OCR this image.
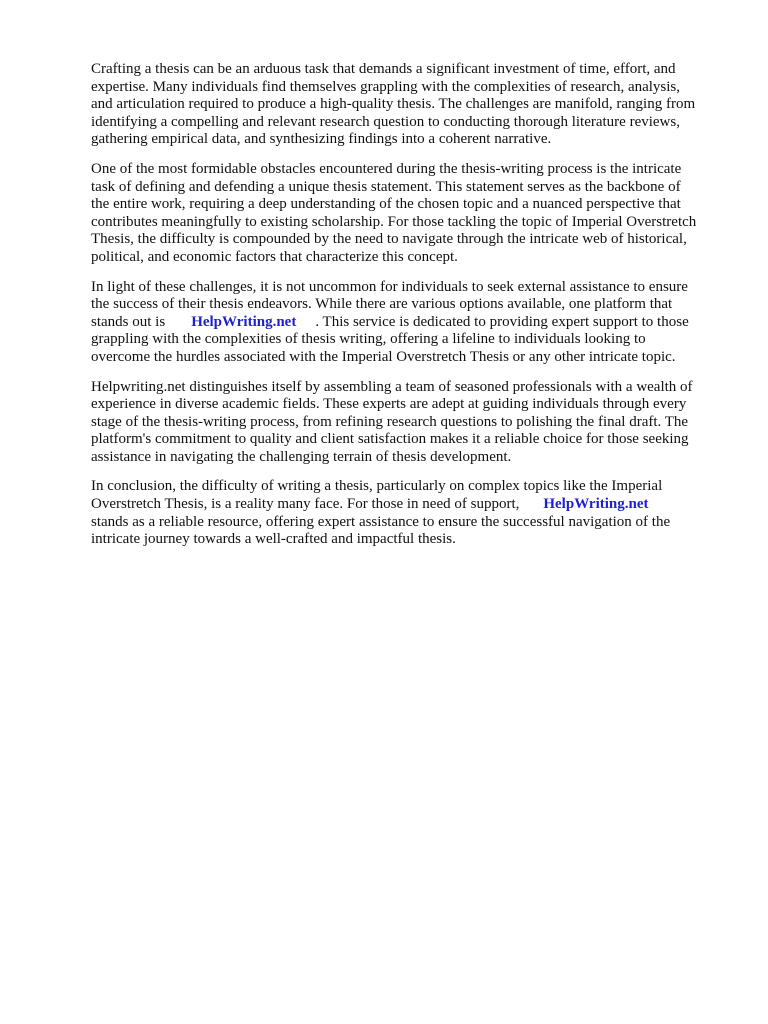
Crafting a thesis can be an arduous task that demands a significant investment of time, effort, and
expertise. Many individuals find themselves grappling with the complexities of research, analysis,
and articulation required to produce a high-quality thesis. The challenges are manifold, ranging from
identifying a compelling and relevant research question to conducting thorough literature reviews,
gathering empirical data, and synthesizing findings into a coherent narrative.

One of the most formidable obstacles encountered during the thesis-writing process is the intricate
task of defining and defending a unique thesis statement. This statement serves as the backbone of
the entire work, requiring a deep understanding of the chosen topic and a nuanced perspective that
contributes meaningfully to existing scholarship. For those tackling the topic of Imperial Overstretch
Thesis, the difficulty is compounded by the need to navigate through the intricate web of historical,
political, and economic factors that characterize this concept.

In light of these challenges, it is not uncommon for individuals to seek external assistance to ensure
the success of their thesis endeavors. While there are various options available, one platform that
stands out is HelpWriting.net . This service is dedicated to providing expert support to those
grappling with the complexities of thesis writing, offering a lifeline to individuals looking to
overcome the hurdles associated with the Imperial Overstretch Thesis or any other intricate topic.

Helpwriting.net distinguishes itself by assembling a team of seasoned professionals with a wealth of
experience in diverse academic fields. These experts are adept at guiding individuals through every
stage of the thesis-writing process, from refining research questions to polishing the final draft. The
platform's commitment to quality and client satisfaction makes it a reliable choice for those seeking
assistance in navigating the challenging terrain of thesis development.

In conclusion, the difficulty of writing a thesis, particularly on complex topics like the Imperial
Overstretch Thesis, is a reality many face. For those in need of support, HelpWriting.net
stands as a reliable resource, offering expert assistance to ensure the successful navigation of the
intricate journey towards a well-crafted and impactful thesis.
